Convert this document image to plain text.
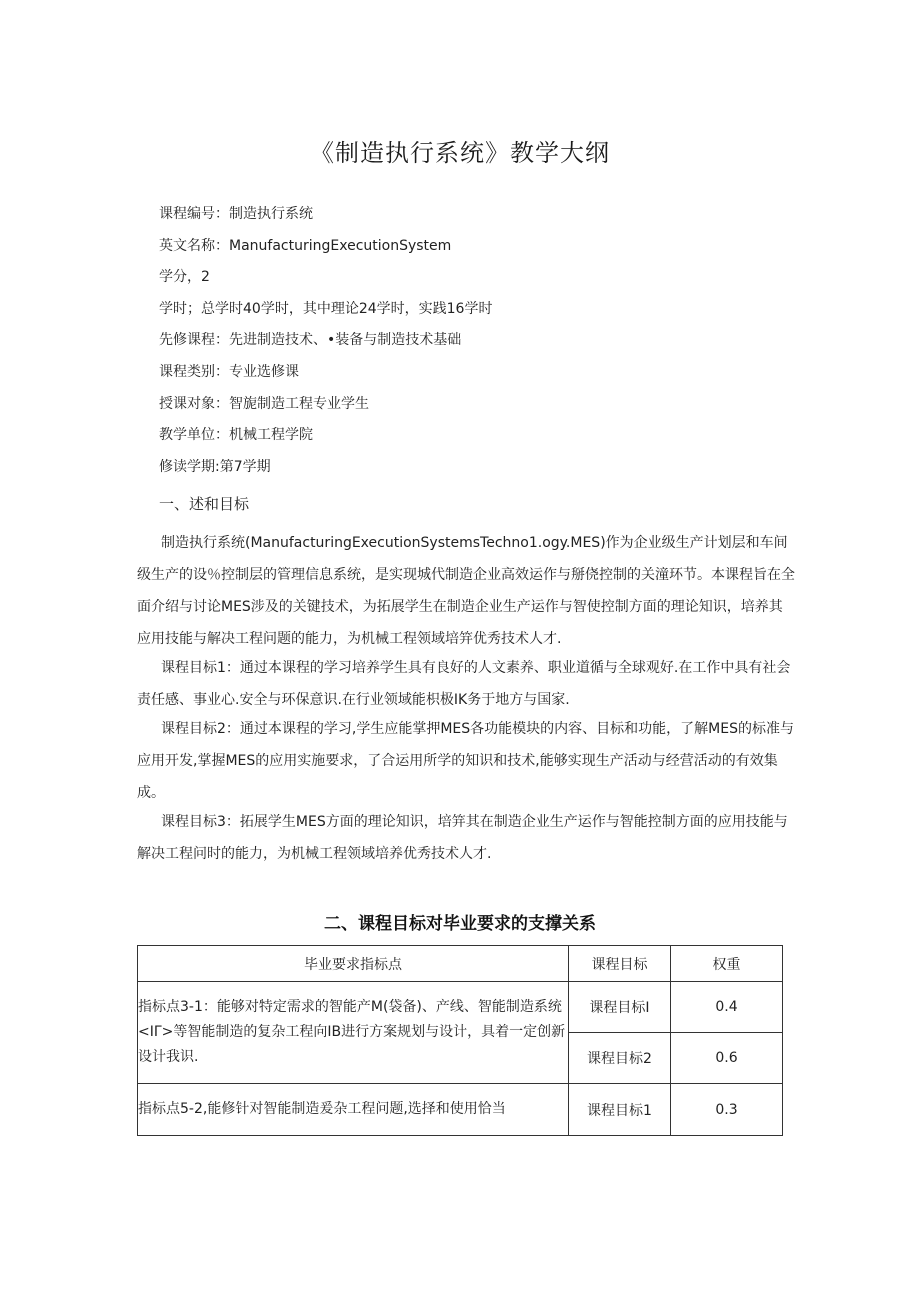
《制造执行系统》教学大纲
课程编号：制造执行系统
英文名称：ManufacturingExecutionSystem
学分，2
学时；总学时40学时，其中理论24学时，实践16学时
先修课程：先进制造技术、•装备与制造技术基础
课程类别：专业选修课
授课对象：智旎制造工程专业学生
教学单位：机械工程学院
修读学期:第7学期
一、述和目标

制造执行系统(ManufacturingExecutionSystemsTechno1.ogy.MES)作为企业级生产计划层和车间级生产的设％控制层的管理信息系统，是实现城代制造企业高效运作与掰侥控制的关潼环节。本课程旨在全面介绍与讨论MES涉及的关键技术，为拓展学生在制造企业生产运作与智使控制方面的理论知识，培养其应用技能与解决工程问题的能力，为机械工程领域培笄优秀技术人才.

课程目标1：通过本课程的学习培养学生具有良好的人文素养、职业道循与全球观好.在工作中具有社会责任感、事业心.安全与环保意识.在行业领域能枳极IK务于地方与国家.

课程目标2：通过本课程的学习,学生应能掌押MES各功能模块的内容、目标和功能，了解MES的标准与应用开发,掌握MES的应用实施要求，了合运用所学的知识和技术,能够实现生产活动与经营活动的有效集成。

课程目标3：拓展学生MES方面的理论知识，培笄其在制造企业生产运作与智能控制方面的应用技能与解决工程问时的能力，为机械工程领域培养优秀技术人才.

二、课程目标对毕业要求的支撑关系
毕业要求指标点	课程目标	权重
指标点3-1：能够对特定需求的智能产M(袋备)、产线、智能制造系统<IΓ>等智能制造的复杂工程向IB进行方案规划与设计，具着一定创新设计我识.	课程目标I	0.4
	课程目标2	0.6
指标点5-2,能修针对智能制造爰杂工程问题,选择和使用恰当	课程目标1	0.3
